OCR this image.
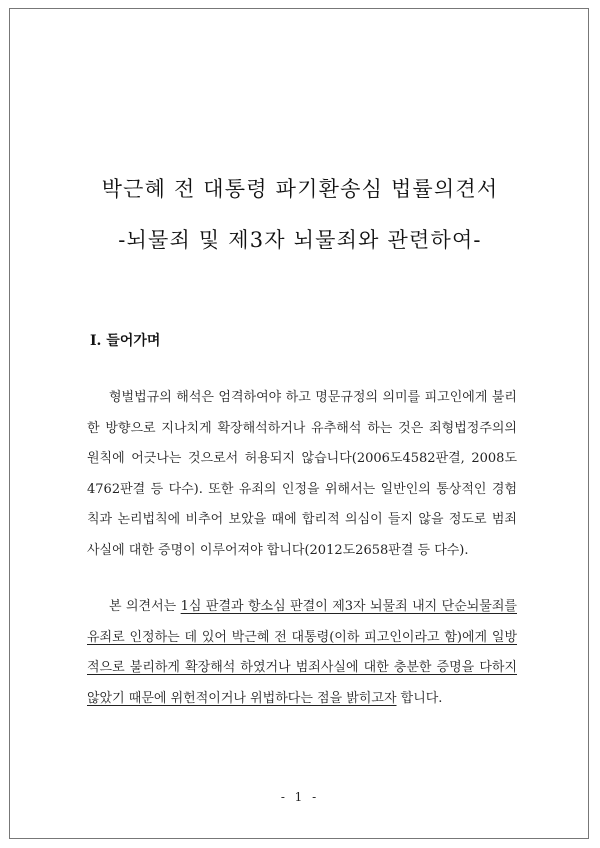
박근혜 전 대통령 파기환송심 법률의견서
-뇌물죄 및 제3자 뇌물죄와 관련하여-
Ⅰ. 들어가며
형벌법규의 해석은 엄격하여야 하고 명문규정의 의미를 피고인에게 불리한 방향으로 지나치게 확장해석하거나 유추해석 하는 것은 죄형법정주의의 원칙에 어긋나는 것으로서 허용되지 않습니다(2006도4582판결, 2008도4762판결 등 다수). 또한 유죄의 인정을 위해서는 일반인의 통상적인 경험칙과 논리법칙에 비추어 보았을 때에 합리적 의심이 들지 않을 정도로 범죄사실에 대한 증명이 이루어져야 합니다(2012도2658판결 등 다수).
본 의견서는 1심 판결과 항소심 판결이 제3자 뇌물죄 내지 단순뇌물죄를 유죄로 인정하는 데 있어 박근혜 전 대통령(이하 피고인이라고 함)에게 일방적으로 불리하게 확장해석 하였거나 범죄사실에 대한 충분한 증명을 다하지 않았기 때문에 위헌적이거나 위법하다는 점을 밝히고자 합니다.
- 1 -
